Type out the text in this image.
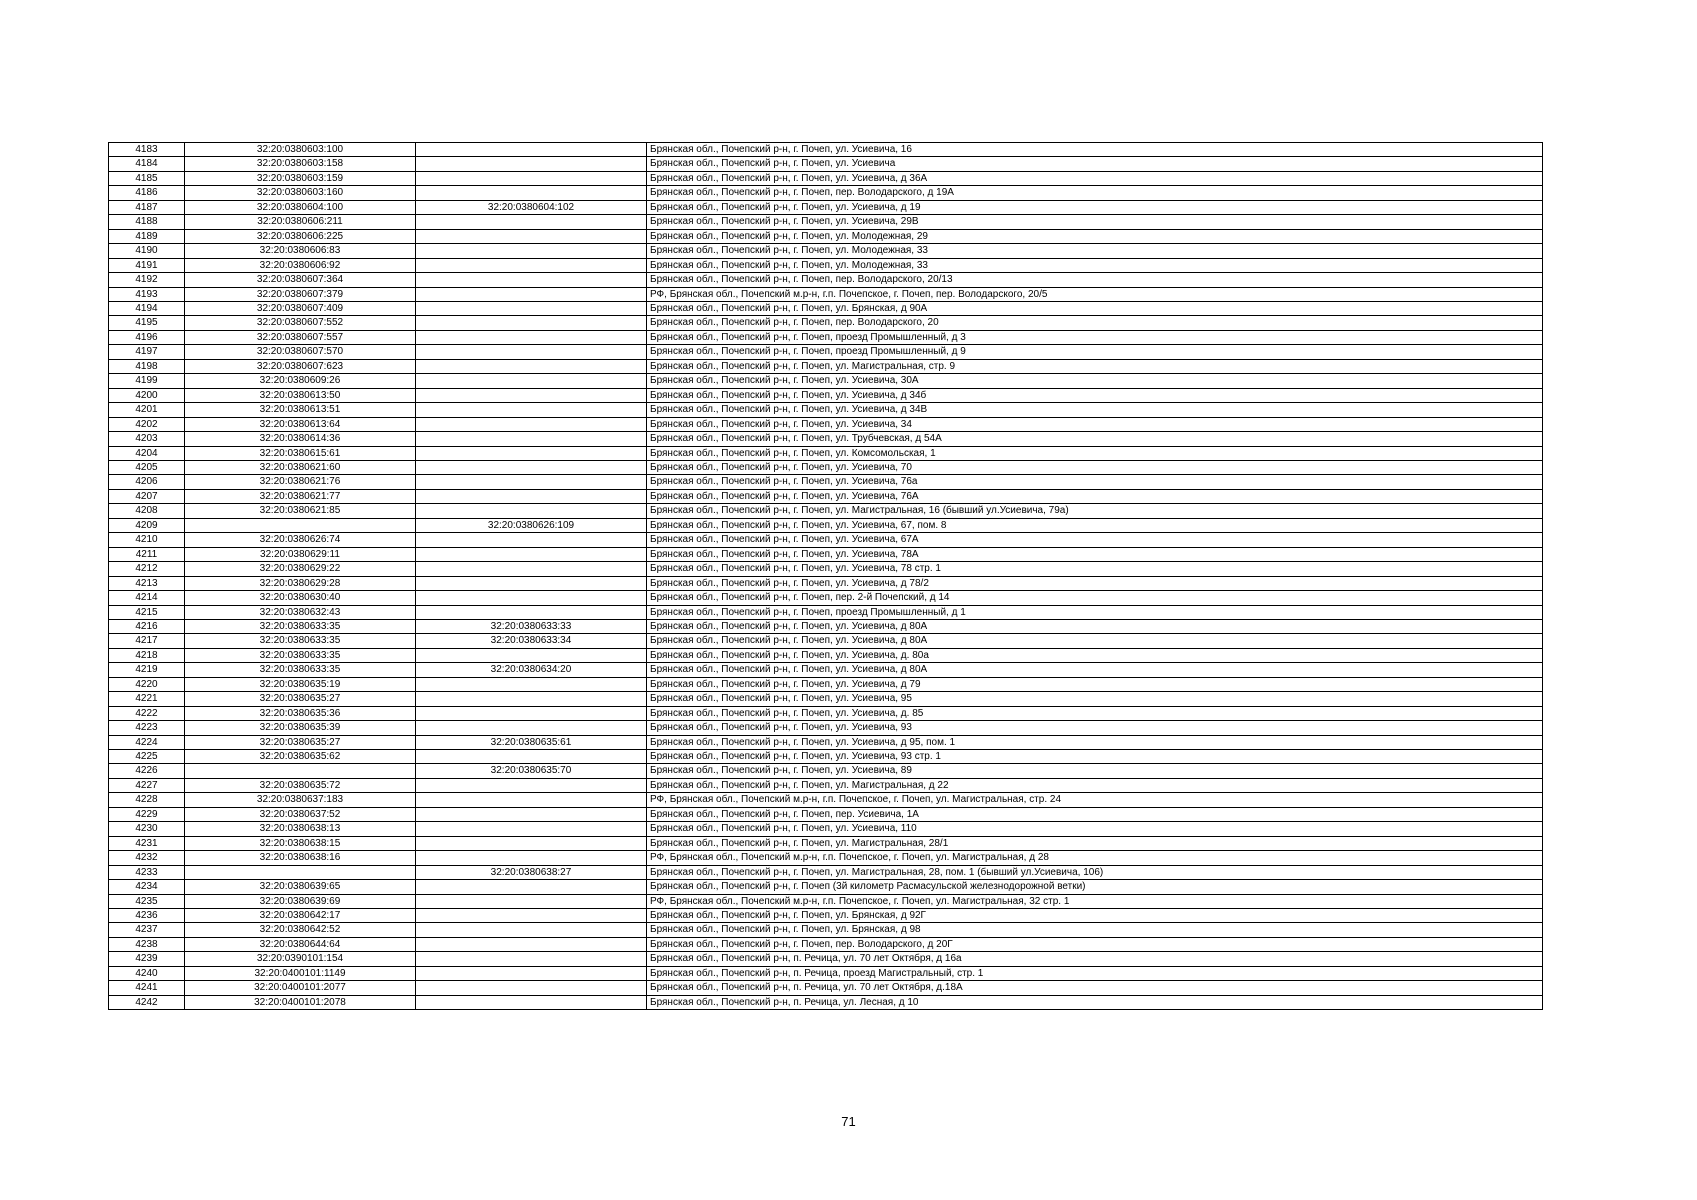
4183	32:20:0380603:100		Брянская обл., Почепский р-н, г. Почеп, ул. Усиевича, 16
4184	32:20:0380603:158		Брянская обл., Почепский р-н, г. Почеп, ул. Усиевича
4185	32:20:0380603:159		Брянская обл., Почепский р-н, г. Почеп, ул. Усиевича, д 36А
4186	32:20:0380603:160		Брянская обл., Почепский р-н, г. Почеп, пер. Володарского, д 19А
4187	32:20:0380604:100	32:20:0380604:102	Брянская обл., Почепский р-н, г. Почеп, ул. Усиевича, д 19
4188	32:20:0380606:211		Брянская обл., Почепский р-н, г. Почеп, ул. Усиевича, 29В
4189	32:20:0380606:225		Брянская обл., Почепский р-н, г. Почеп, ул. Молодежная, 29
4190	32:20:0380606:83		Брянская обл., Почепский р-н, г. Почеп, ул. Молодежная, 33
4191	32:20:0380606:92		Брянская обл., Почепский р-н, г. Почеп, ул. Молодежная, 33
4192	32:20:0380607:364		Брянская обл., Почепский р-н, г. Почеп, пер. Володарского, 20/13
4193	32:20:0380607:379		РФ, Брянская обл., Почепский м.р-н, г.п. Почепское, г. Почеп, пер. Володарского, 20/5
4194	32:20:0380607:409		Брянская обл., Почепский р-н, г. Почеп, ул. Брянская, д 90А
4195	32:20:0380607:552		Брянская обл., Почепский р-н, г. Почеп, пер. Володарского, 20
4196	32:20:0380607:557		Брянская обл., Почепский р-н, г. Почеп, проезд Промышленный, д 3
4197	32:20:0380607:570		Брянская обл., Почепский р-н, г. Почеп, проезд Промышленный, д 9
4198	32:20:0380607:623		Брянская обл., Почепский р-н, г. Почеп, ул. Магистральная, стр. 9
4199	32:20:0380609:26		Брянская обл., Почепский р-н, г. Почеп, ул. Усиевича, 30А
4200	32:20:0380613:50		Брянская обл., Почепский р-н, г. Почеп, ул. Усиевича, д 34б
4201	32:20:0380613:51		Брянская обл., Почепский р-н, г. Почеп, ул. Усиевича, д 34В
4202	32:20:0380613:64		Брянская обл., Почепский р-н, г. Почеп, ул. Усиевича, 34
4203	32:20:0380614:36		Брянская обл., Почепский р-н, г. Почеп, ул. Трубчевская, д 54А
4204	32:20:0380615:61		Брянская обл., Почепский р-н, г. Почеп, ул. Комсомольская, 1
4205	32:20:0380621:60		Брянская обл., Почепский р-н, г. Почеп, ул. Усиевича, 70
4206	32:20:0380621:76		Брянская обл., Почепский р-н, г. Почеп, ул. Усиевича, 76а
4207	32:20:0380621:77		Брянская обл., Почепский р-н, г. Почеп, ул. Усиевича, 76А
4208	32:20:0380621:85		Брянская обл., Почепский р-н, г. Почеп, ул. Магистральная, 16 (бывший ул.Усиевича, 79а)
4209		32:20:0380626:109	Брянская обл., Почепский р-н, г. Почеп, ул. Усиевича, 67, пом. 8
4210	32:20:0380626:74		Брянская обл., Почепский р-н, г. Почеп, ул. Усиевича, 67А
4211	32:20:0380629:11		Брянская обл., Почепский р-н, г. Почеп, ул. Усиевича, 78А
4212	32:20:0380629:22		Брянская обл., Почепский р-н, г. Почеп, ул. Усиевича, 78 стр. 1
4213	32:20:0380629:28		Брянская обл., Почепский р-н, г. Почеп, ул. Усиевича, д 78/2
4214	32:20:0380630:40		Брянская обл., Почепский р-н, г. Почеп, пер. 2-й Почепский, д 14
4215	32:20:0380632:43		Брянская обл., Почепский р-н, г. Почеп, проезд Промышленный, д 1
4216	32:20:0380633:35	32:20:0380633:33	Брянская обл., Почепский р-н, г. Почеп, ул. Усиевича, д 80А
4217	32:20:0380633:35	32:20:0380633:34	Брянская обл., Почепский р-н, г. Почеп, ул. Усиевича, д 80А
4218	32:20:0380633:35		Брянская обл., Почепский р-н, г. Почеп, ул. Усиевича, д. 80а
4219	32:20:0380633:35	32:20:0380634:20	Брянская обл., Почепский р-н, г. Почеп, ул. Усиевича, д 80А
4220	32:20:0380635:19		Брянская обл., Почепский р-н, г. Почеп, ул. Усиевича, д 79
4221	32:20:0380635:27		Брянская обл., Почепский р-н, г. Почеп, ул. Усиевича, 95
4222	32:20:0380635:36		Брянская обл., Почепский р-н, г. Почеп, ул. Усиевича, д. 85
4223	32:20:0380635:39		Брянская обл., Почепский р-н, г. Почеп, ул. Усиевича, 93
4224	32:20:0380635:27	32:20:0380635:61	Брянская обл., Почепский р-н, г. Почеп, ул. Усиевича, д 95, пом. 1
4225	32:20:0380635:62		Брянская обл., Почепский р-н, г. Почеп, ул. Усиевича, 93 стр. 1
4226		32:20:0380635:70	Брянская обл., Почепский р-н, г. Почеп, ул. Усиевича, 89
4227	32:20:0380635:72		Брянская обл., Почепский р-н, г. Почеп, ул. Магистральная, д 22
4228	32:20:0380637:183		РФ, Брянская обл., Почепский м.р-н, г.п. Почепское, г. Почеп, ул. Магистральная, стр. 24
4229	32:20:0380637:52		Брянская обл., Почепский р-н, г. Почеп, пер. Усиевича, 1А
4230	32:20:0380638:13		Брянская обл., Почепский р-н, г. Почеп, ул. Усиевича, 110
4231	32:20:0380638:15		Брянская обл., Почепский р-н, г. Почеп, ул. Магистральная, 28/1
4232	32:20:0380638:16		РФ, Брянская обл., Почепский м.р-н, г.п. Почепское, г. Почеп, ул. Магистральная, д 28
4233		32:20:0380638:27	Брянская обл., Почепский р-н, г. Почеп, ул. Магистральная, 28, пом. 1 (бывший ул.Усиевича, 106)
4234	32:20:0380639:65		Брянская обл., Почепский р-н, г. Почеп (3й километр Расмасульской железнодорожной ветки)
4235	32:20:0380639:69		РФ, Брянская обл., Почепский м.р-н, г.п. Почепское, г. Почеп, ул. Магистральная, 32 стр. 1
4236	32:20:0380642:17		Брянская обл., Почепский р-н, г. Почеп, ул. Брянская, д 92Г
4237	32:20:0380642:52		Брянская обл., Почепский р-н, г. Почеп, ул. Брянская, д 98
4238	32:20:0380644:64		Брянская обл., Почепский р-н, г. Почеп, пер. Володарского, д 20Г
4239	32:20:0390101:154		Брянская обл., Почепский р-н, п. Речица, ул. 70 лет Октября, д 16а
4240	32:20:0400101:1149		Брянская обл., Почепский р-н, п. Речица, проезд Магистральный, стр. 1
4241	32:20:0400101:2077		Брянская обл., Почепский р-н, п. Речица, ул. 70 лет Октября, д.18А
4242	32:20:0400101:2078		Брянская обл., Почепский р-н, п. Речица, ул. Лесная, д 10
71
